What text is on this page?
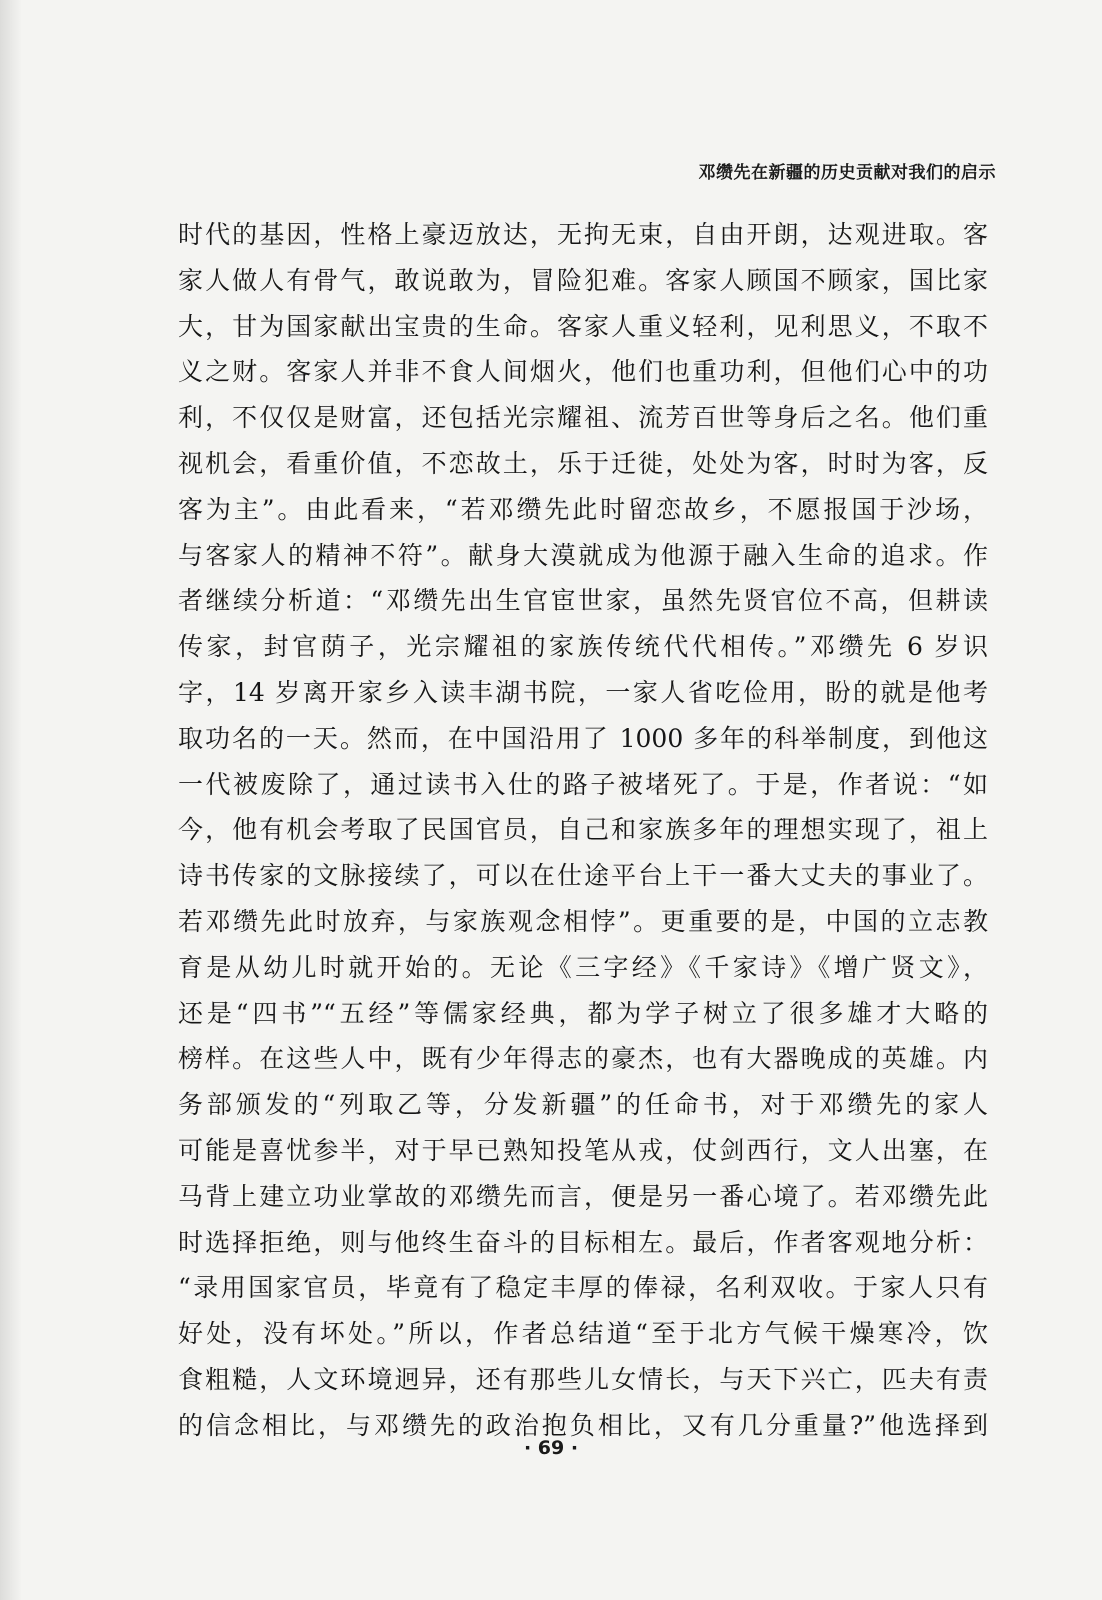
邓缵先在新疆的历史贡献对我们的启示
时代的基因，性格上豪迈放达，无拘无束，自由开朗，达观进取。客
家人做人有骨气，敢说敢为，冒险犯难。客家人顾国不顾家，国比家
大，甘为国家献出宝贵的生命。客家人重义轻利，见利思义，不取不
义之财。客家人并非不食人间烟火，他们也重功利，但他们心中的功
利，不仅仅是财富，还包括光宗耀祖、流芳百世等身后之名。他们重
视机会，看重价值，不恋故土，乐于迁徙，处处为客，时时为客，反
客为主”。由此看来，“若邓缵先此时留恋故乡，不愿报国于沙场，
与客家人的精神不符”。献身大漠就成为他源于融入生命的追求。作
者继续分析道：“邓缵先出生官宦世家，虽然先贤官位不高，但耕读
传家，封官荫子，光宗耀祖的家族传统代代相传。”邓缵先 6 岁识
字，14 岁离开家乡入读丰湖书院，一家人省吃俭用，盼的就是他考
取功名的一天。然而，在中国沿用了 1000 多年的科举制度，到他这
一代被废除了，通过读书入仕的路子被堵死了。于是，作者说：“如
今，他有机会考取了民国官员，自己和家族多年的理想实现了，祖上
诗书传家的文脉接续了，可以在仕途平台上干一番大丈夫的事业了。
若邓缵先此时放弃，与家族观念相悖”。更重要的是，中国的立志教
育是从幼儿时就开始的。无论《三字经》《千家诗》《增广贤文》，
还是“四书”“五经”等儒家经典，都为学子树立了很多雄才大略的
榜样。在这些人中，既有少年得志的豪杰，也有大器晚成的英雄。内
务部颁发的“列取乙等，分发新疆”的任命书，对于邓缵先的家人
可能是喜忧参半，对于早已熟知投笔从戎，仗剑西行，文人出塞，在
马背上建立功业掌故的邓缵先而言，便是另一番心境了。若邓缵先此
时选择拒绝，则与他终生奋斗的目标相左。最后，作者客观地分析：
“录用国家官员，毕竟有了稳定丰厚的俸禄，名利双收。于家人只有
好处，没有坏处。”所以，作者总结道“至于北方气候干燥寒冷，饮
食粗糙，人文环境迥异，还有那些儿女情长，与天下兴亡，匹夫有责
的信念相比，与邓缵先的政治抱负相比，又有几分重量?”他选择到
· 69 ·
